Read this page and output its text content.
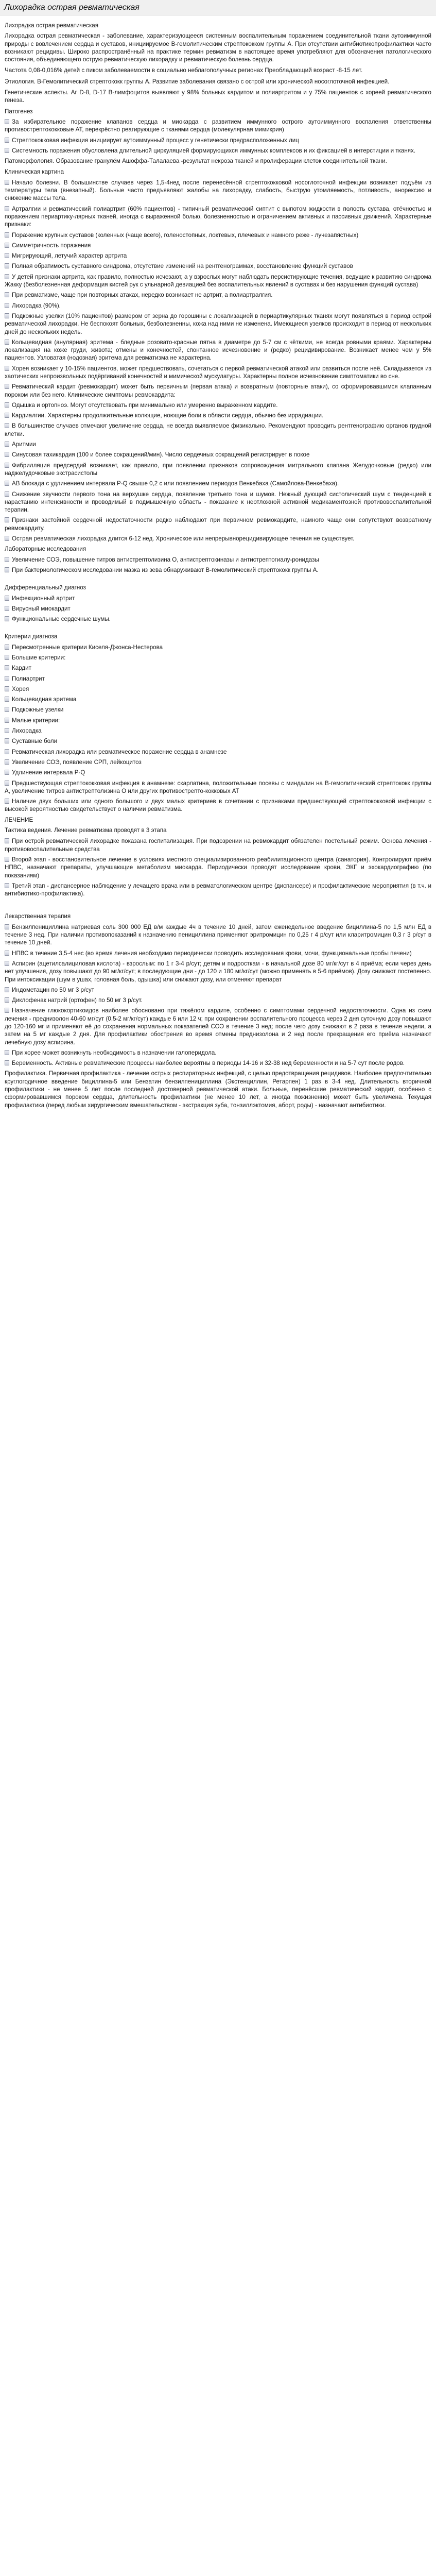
Лихорадка острая ревматическая

Лихорадка острая ревматическая

Лихорадка острая ревматическая - заболевание, характеризующееся системным воспалительным поражением соединительной ткани аутоиммунной природы с вовлечением сердца и суставов, инициируемое В-гемолитическим стрептококком группы А. При отсутствии антибиотикопрофилактики часто возникают рецидивы. Широко распространённый на практике термин ревматизм в настоящее время употребляют для обозначения патологического состояния, объединяющего острую ревматическую лихорадку и ревматическую болезнь сердца.

Частота 0,08-0,016% детей с пиком заболеваемости в социально неблагополучных регионах Преобладающий возраст -8-15 лет.

Этиология. В-Гемолитический стрептококк группы А. Развитие заболевания связано с острой или хронической носоглоточной инфекцией.

Генетические аспекты. Аг D-8, D-17 В-лимфоцитов выявляют у 98% больных кардитом и полиартритом и у 75% пациентов с хореей ревматического генеза.

Патогенез

За избирательное поражение клапанов сердца и миокарда с развитием иммунного острого аутоиммунного воспаления ответственны противострептококковые АТ, перекрёстно реагирующие с тканями сердца (молекулярная мимикрия)

Стрептококковая инфекция инициирует аутоиммунный процесс у генетически предрасположенных лиц

Системность поражения обусловлена длительной циркуляцией формирующихся иммунных комплексов и их фиксацией в интерстиции и тканях.

Патоморфология. Образование гранулём Ашоффа-Талалаева -результат некроза тканей и пролиферации клеток соединительной ткани.

Клиническая картина

Начало болезни. В большинстве случаев через 1,5-4нед после перенесённой стрептококковой носоглоточной инфекции возникает подъём из температуры тела (внезапный). Больные часто предъявляют жалобы на лихорадку, слабость, быструю утомляемость, потливость, анорексию и снижение массы тела.

Артралгии и ревматический полиартрит (60% пациентов) - типичный ревматический сиптит с выпотом жидкости в полость сустава, отёчностью и поражением периартику-лярных тканей, иногда с выраженной болью, болезненностью и ограничением активных и пассивных движений. Характерные признаки:

Поражение крупных суставов (коленных (чаще всего), голеностопных, локтевых, плечевых и намного реже - лучезапястных)

Симметричность поражения

Мигрирующий, летучий характер артрита

Полная обратимость суставного синдрома, отсутствие изменений на рентгенограммах, восстановление функций суставов

У детей признаки артрита, как правило, полностью исчезают, а у взрослых могут наблюдать персистирующие течения, ведущие к развитию синдрома Жакку (безболезненная деформация кистей рук с ульнарной девиацией без воспалительных явлений в суставах и без нарушения функций сустава)

При ревматизме, чаще при повторных атаках, нередко возникает не артрит, а полиартралгия.

Лихорадка (90%).

Подкожные узелки (10% пациентов) размером от зерна до горошины с локализацией в периартикулярных тканях могут появляться в период острой ревматической лихорадки. Не беспокоят больных, безболезненны, кожа над ними не изменена. Имеющиеся узелков происходит в период от нескольких дней до нескольких недель.

Кольцевидная (анулярная) эритема - бледные розовато-красные пятна в диаметре до 5-7 см с чёткими, не всегда ровными краями. Характерны локализация на коже груди, живота; отмены и конечностей, спонтанное исчезновение и (редко) рецидивирование. Возникает менее чем у 5% пациентов. Узловатая (нодозная) эритема для ревматизма не характерна.

Хорея возникает у 10-15% пациентов, может предшествовать, сочетаться с первой ревматической атакой или развиться после неё. Складывается из хаотических непроизвольных подёргиваний конечностей и мимической мускулатуры. Характерны полное исчезновение симптоматики во сне.

Ревматический кардит (ревмокардит) может быть первичным (первая атака) и возвратным (повторные атаки), со сформировавшимся клапанным пороком или без него. Клинические симптомы ревмокардита:

Одышка и ортопноэ. Могут отсутствовать при минимально или умеренно выраженном кардите.

Кардиалгии. Характерны продолжительные колющие, ноющие боли в области сердца, обычно без иррадиации.

В большинстве случаев отмечают увеличение сердца, не всегда выявляемое физикально. Рекомендуют проводить рентгенографию органов грудной клетки.

Аритмии

Синусовая тахикардия (100 и более сокращений/мин). Число сердечных сокращений регистрирует в покое

Фибрилляция предсердий возникает, как правило, при появлении признаков сопровождения митрального клапана Желудочковые (редко) или наджелудочковые экстрасистолы

АВ блокада с удлинением интервала Р-Q свыше 0,2 с или появлением периодов Венкебаха (Самойлова-Венкебаха).

Снижение звучности первого тона на верхушке сердца, появление третьего тона и шумов. Нежный дующий систолический шум с тенденцией к нарастанию интенсивности и проводимый в подмышечную область - показание к неотложной активной медикаментозной противовоспалительной терапии.

Признаки застойной сердечной недостаточности редко наблюдают при первичном ревмокардите, намного чаще они сопутствуют возвратному ревмокардиту.

Острая ревматическая лихорадка длится 6-12 нед. Хроническое или непрерывнорецидивирующее течения не существует.

Лабораторные исследования

Увеличение СОЭ, повышение титров антистрептолизина О, антистрептокиназы и антистрептогиалу-ронидазы

При бактериологическом исследовании мазка из зева обнаруживают В-гемолитический стрептококк группы А.

Дифференциальный диагноз

Инфекционный артрит

Вирусный миокардит

Функциональные сердечные шумы.

Критерии диагноза

Пересмотренные критерии Киселя-Джонса-Нестерова

Большие критерии:

Кардит

Полиартрит

Хорея

Кольцевидная эритема

Подкожные узелки

Малые критерии:

Лихорадка

Суставные боли

Ревматическая лихорадка или ревматическое поражение сердца в анамнезе

Увеличение СОЭ, появление СРП, лейкоцитоз

Удлинение интервала Р-Q

Предшествующая стрептококковая инфекция в анамнезе: скарлатина, положительные посевы с миндалин на В-гемолитический стрептококк группы А, увеличение титров антистрептолизина О или других противострепто-кокковых АТ

Наличие двух больших или одного большого и двух малых критериев в сочетании с признаками предшествующей стрептококковой инфекции с высокой вероятностью свидетельствует о наличии ревматизма.

ЛЕЧЕНИЕ

Тактика ведения. Лечение ревматизма проводят в 3 этапа

При острой ревматической лихорадке показана госпитализация. При подозрении на ревмокардит обязателен постельный режим. Основа лечения - противовоспалительные средства

Второй этап - восстановительное лечение в условиях местного специализированного реабилитационного центра (санатория). Контролируют приём НПВС, назначают препараты, улучшающие метаболизм миокарда. Периодически проводят исследование крови, ЭКГ и эхокардиографию (по показаниям)

Третий этап - диспансерное наблюдение у лечащего врача или в ревматологическом центре (диспансере) и профилактические мероприятия (в т.ч. и антибиотико-профилактика).

Лекарственная терапия

Бензилпенициллина натриевая соль 300 000 ЕД в/м каждые 4ч в течение 10 дней, затем еженедельное введение бициллина-5 по 1,5 млн ЕД в течение 3 нед. При наличии противопоказаний к назначению пенициллина применяют эритромицин по 0,25 г 4 р/сут или кларитромицин 0,3 г 3 р/сут в течение 10 дней.

НПВС в течение 3,5-4 нес (во время лечения необходимо периодически проводить исследования крови, мочи, функциональные пробы печени)

Аспирин (ацетилсалициловая кислота) - взрослым: по 1 г 3-4 р/сут; детям и подросткам - в начальной дозе 80 мг/кг/сут в 4 приёма; если через день нет улучшения, дозу повышают до 90 мг/кг/сут; в последующие дни - до 120 и 180 мг/кг/сут (можно применять в 5-6 приёмов). Дозу снижают постепенно. При интоксикации (шум в ушах, головная боль, одышка) или снижают дозу, или отменяют препарат

Индометацин по 50 мг 3 р/сут

Диклофенак натрий (ортофен) по 50 мг 3 р/сут.

Назначение глюкокортикоидов наиболее обосновано при тяжёлом кардите, особенно с симптомами сердечной недостаточности. Одна из схем лечения - преднизолон 40-60 мг/сут (0,5-2 мг/кг/сут) каждые 6 или 12 ч; при сохранении воспалительного процесса через 2 дня суточную дозу повышают до 120-160 мг и применяют её до сохранения нормальных показателей СОЭ в течение 3 нед; после чего дозу снижают в 2 раза в течение недели, а затем на 5 мг каждые 2 дня. Для профилактики обострения во время отмены преднизолона и 2 нед после прекращения его приёма назначают лечебную дозу аспирина.

При хорее может возникнуть необходимость в назначении галоперидола.

Беременность. Активные ревматические процессы наиболее вероятны в периоды 14-16 и 32-38 нед беременности и на 5-7 сут после родов.

Профилактика. Первичная профилактика - лечение острых респираторных инфекций, с целью предотвращения рецидивов. Наиболее предпочтительно круглогодичное введение бициллина-5 или Бензатин бензилпенициллина (Экстенциллин, Ретарпен) 1 раз в 3-4 нед. Длительность вторичной профилактики - не менее 5 лет после последней достоверной ревматической атаки. Больные, перенёсшие ревматический кардит, особенно с сформировавшимся пороком сердца, длительность профилактики (не менее 10 лет, а иногда пожизненно) может быть увеличена. Текущая профилактика (перед любым хирургическим вмешательством - экстракция зуба, тонзиллэктомия, аборт, роды) - назначают антибиотики.
